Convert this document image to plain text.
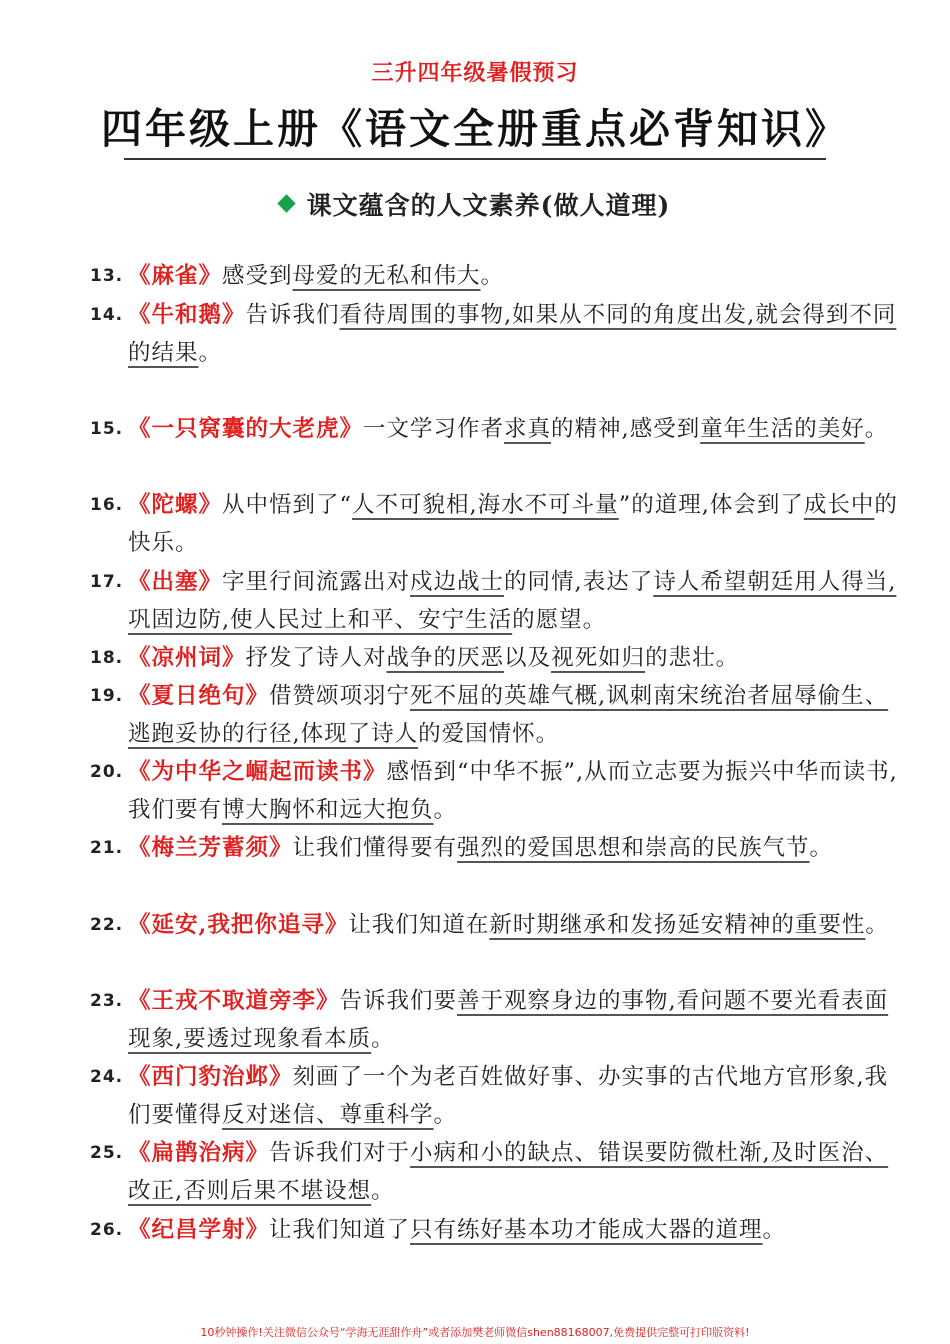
三升四年级暑假预习
四年级上册《语文全册重点必背知识》
课文蕴含的人文素养(做人道理)
13. 《麻雀》感受到母爱的无私和伟大。
14. 《牛和鹅》告诉我们看待周围的事物,如果从不同的角度出发,就会得到不同的结果。
15. 《一只窝囊的大老虎》一文学习作者求真的精神,感受到童年生活的美好。
16. 《陀螺》从中悟到了“人不可貌相,海水不可斗量”的道理,体会到了成长中的快乐。
17. 《出塞》字里行间流露出对戍边战士的同情,表达了诗人希望朝廷用人得当,巩固边防,使人民过上和平、安宁生活的愿望。
18. 《凉州词》抒发了诗人对战争的厌恶以及视死如归的悲壮。
19. 《夏日绝句》借赞颂项羽宁死不屈的英雄气概,讽刺南宋统治者屈辱偷生、逃跑妥协的行径,体现了诗人的爱国情怀。
20. 《为中华之崛起而读书》感悟到“中华不振”,从而立志要为振兴中华而读书,我们要有博大胸怀和远大抱负。
21. 《梅兰芳蓄须》让我们懂得要有强烈的爱国思想和崇高的民族气节。
22. 《延安,我把你追寻》让我们知道在新时期继承和发扬延安精神的重要性。
23. 《王戎不取道旁李》告诉我们要善于观察身边的事物,看问题不要光看表面现象,要透过现象看本质。
24. 《西门豹治邺》刻画了一个为老百姓做好事、办实事的古代地方官形象,我们要懂得反对迷信、尊重科学。
25. 《扁鹊治病》告诉我们对于小病和小的缺点、错误要防微杜渐,及时医治、改正,否则后果不堪设想。
26. 《纪昌学射》让我们知道了只有练好基本功才能成大器的道理。
10秒钟操作!关注微信公众号“学海无涯甜作舟”或者添加樊老师微信shen88168007,免费提供完整可打印版资料!
